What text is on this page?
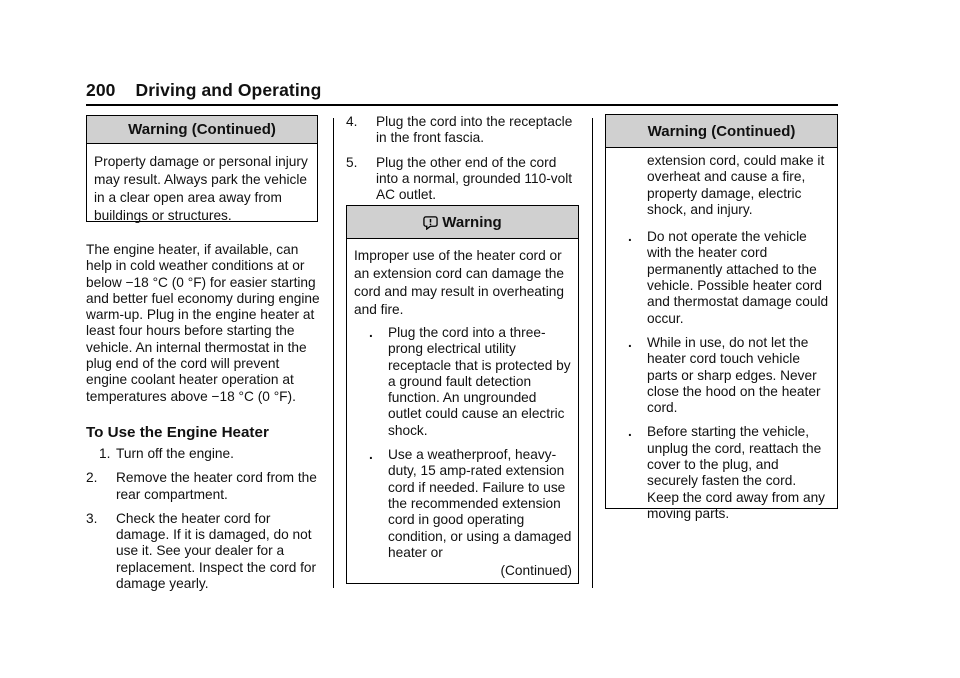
200 Driving and Operating
Warning (Continued)
Property damage or personal injury may result. Always park the vehicle in a clear open area away from buildings or structures.
The engine heater, if available, can help in cold weather conditions at or below −18 °C (0 °F) for easier starting and better fuel economy during engine warm-up. Plug in the engine heater at least four hours before starting the vehicle. An internal thermostat in the plug end of the cord will prevent engine coolant heater operation at temperatures above −18 °C (0 °F).
To Use the Engine Heater
1. Turn off the engine.
2. Remove the heater cord from the rear compartment.
3. Check the heater cord for damage. If it is damaged, do not use it. See your dealer for a replacement. Inspect the cord for damage yearly.
4. Plug the cord into the receptacle in the front fascia.
5. Plug the other end of the cord into a normal, grounded 110-volt AC outlet.
Warning
Improper use of the heater cord or an extension cord can damage the cord and may result in overheating and fire.
. Plug the cord into a three-prong electrical utility receptacle that is protected by a ground fault detection function. An ungrounded outlet could cause an electric shock.
. Use a weatherproof, heavy-duty, 15 amp-rated extension cord if needed. Failure to use the recommended extension cord in good operating condition, or using a damaged heater or
(Continued)
Warning (Continued)
extension cord, could make it overheat and cause a fire, property damage, electric shock, and injury.
. Do not operate the vehicle with the heater cord permanently attached to the vehicle. Possible heater cord and thermostat damage could occur.
. While in use, do not let the heater cord touch vehicle parts or sharp edges. Never close the hood on the heater cord.
. Before starting the vehicle, unplug the cord, reattach the cover to the plug, and securely fasten the cord. Keep the cord away from any moving parts.
